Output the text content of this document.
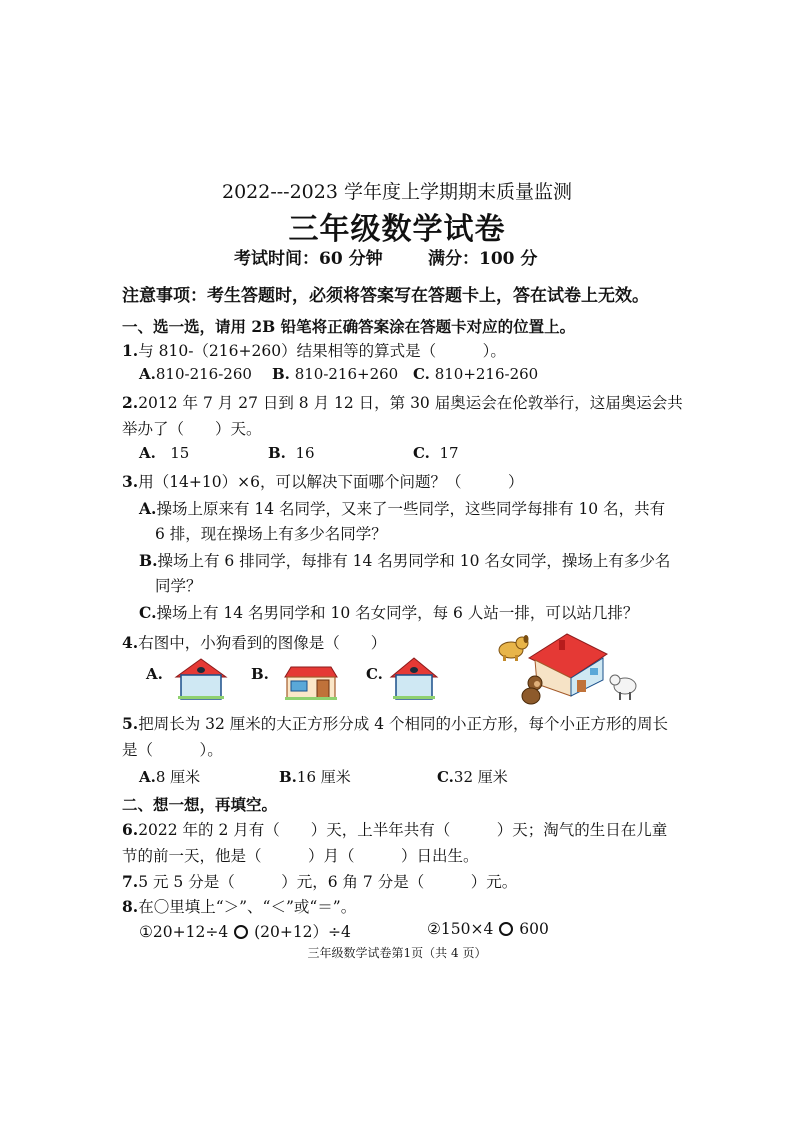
2022---2023 学年度上学期期末质量监测
三年级数学试卷
考试时间：60 分钟	满分：100 分
注意事项：考生答题时，必须将答案写在答题卡上，答在试卷上无效。
一、选一选，请用 2B 铅笔将正确答案涂在答题卡对应的位置上。
1.与 810-（216+260）结果相等的算式是（　　　）。
A.810-216-260 B. 810-216+260 C. 810+216-260
2.2012 年 7 月 27 日到 8 月 12 日，第 30 届奥运会在伦敦举行，这届奥运会共
举办了（　　）天。
A. 15	B. 16	C. 17
3.用（14+10）×6，可以解决下面哪个问题？（　　　）
A.操场上原来有 14 名同学，又来了一些同学，这些同学每排有 10 名，共有
6 排，现在操场上有多少名同学？
B.操场上有 6 排同学，每排有 14 名男同学和 10 名女同学，操场上有多少名
同学？
C.操场上有 14 名男同学和 10 名女同学，每 6 人站一排，可以站几排？
4.右图中，小狗看到的图像是（　　）
A.	B.	C.
5.把周长为 32 厘米的大正方形分成 4 个相同的小正方形，每个小正方形的周长
是（　　　）。
A.8 厘米	B.16 厘米	C.32 厘米
二、想一想，再填空。
6.2022 年的 2 月有（　　）天，上半年共有（　　　）天；淘气的生日在儿童
节的前一天，他是（　　　）月（　　　）日出生。
7.5 元 5 分是（　　　）元，6 角 7 分是（　　　）元。
8.在〇里填上“＞”、“＜”或“＝”。
①20+12÷4 (20+12）÷4	②150×4 600
三年级数学试卷第1页（共 4 页）
